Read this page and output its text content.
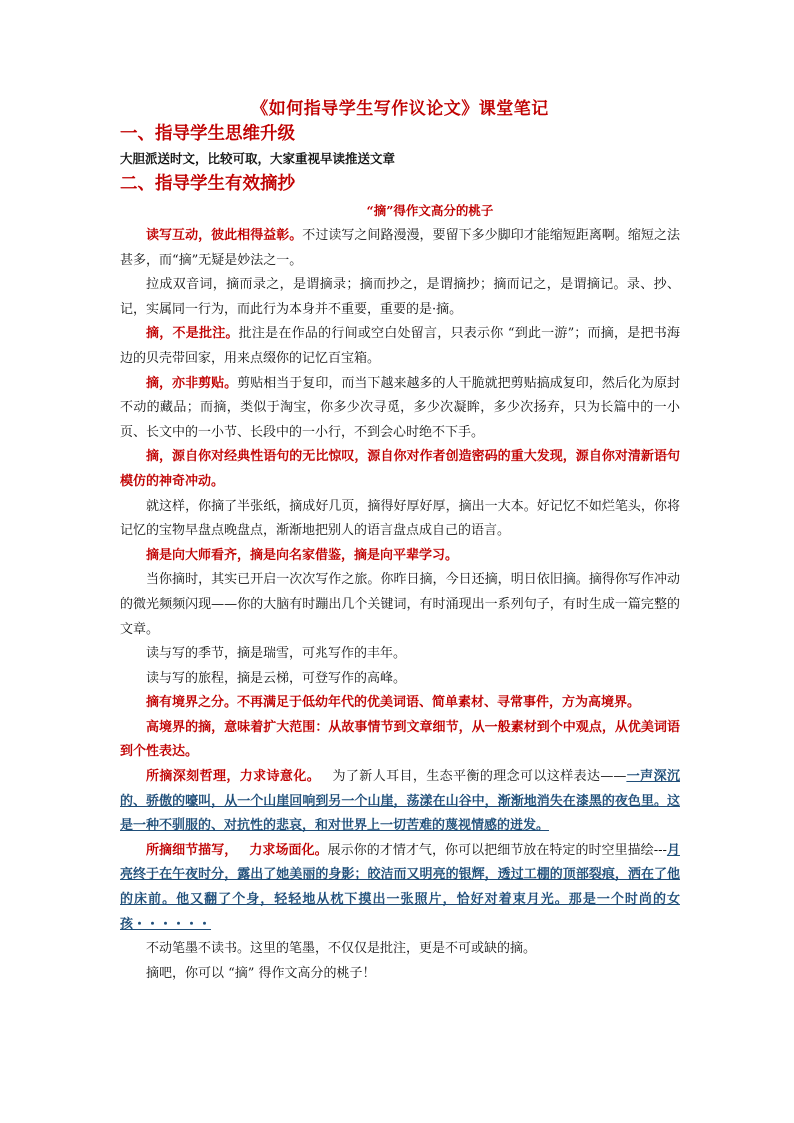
《如何指导学生写作议论文》课堂笔记
一、指导学生思维升级
大胆派送时文，比较可取，大家重视早读推送文章
二、指导学生有效摘抄
“摘”得作文高分的桃子

读写互动，彼此相得益彰。不过读写之间路漫漫，要留下多少脚印才能缩短距离啊。缩短之法甚多，而“摘”无疑是妙法之一。

拉成双音词，摘而录之，是谓摘录；摘而抄之，是谓摘抄；摘而记之，是谓摘记。录、抄、记，实属同一行为，而此行为本身并不重要，重要的是·摘。

摘，不是批注。批注是在作品的行间或空白处留言，只表示你 “到此一游”；而摘，是把书海边的贝壳带回家，用来点缀你的记忆百宝箱。

摘，亦非剪贴。剪贴相当于复印，而当下越来越多的人干脆就把剪贴搞成复印，然后化为原封不动的藏品；而摘，类似于淘宝，你多少次寻觅，多少次凝眸，多少次扬弃，只为长篇中的一小页、长文中的一小节、长段中的一小行，不到会心时绝不下手。

摘，源自你对经典性语句的无比惊叹，源自你对作者创造密码的重大发现，源自你对清新语句模仿的神奇冲动。

就这样，你摘了半张纸，摘成好几页，摘得好厚好厚，摘出一大本。好记忆不如烂笔头，你将记忆的宝物早盘点晚盘点，渐渐地把别人的语言盘点成自己的语言。

摘是向大师看齐，摘是向名家借鉴，摘是向平辈学习。

当你摘时，其实已开启一次次写作之旅。你昨日摘，今日还摘，明日依旧摘。摘得你写作冲动的微光频频闪现——你的大脑有时蹦出几个关键词，有时涌现出一系列句子，有时生成一篇完整的文章。

读与写的季节，摘是瑞雪，可兆写作的丰年。

读与写的旅程，摘是云梯，可登写作的高峰。

摘有境界之分。不再满足于低幼年代的优美词语、简单素材、寻常事件，方为高境界。

高境界的摘，意味着扩大范围：从故事情节到文章细节，从一般素材到个中观点，从优美词语到个性表达。

所摘深刻哲理，力求诗意化。 为了新人耳目，生态平衡的理念可以这样表达——一声深沉的、骄傲的嚎叫，从一个山崖回响到另一个山崖，荡漾在山谷中，渐渐地消失在漆黑的夜色里。这是一种不驯服的、对抗性的悲哀，和对世界上一切苦难的蔑视情感的迸发。

所摘细节描写， 力求场面化。展示你的才情才气，你可以把细节放在特定的时空里描绘---月亮终于在午夜时分，露出了她美丽的身影；皎洁而又明亮的银辉，透过工棚的顶部裂痕，洒在了他的床前。他又翻了个身，轻轻地从枕下摸出一张照片，恰好对着束月光。那是一个时尚的女孩・・・・・・

不动笔墨不读书。这里的笔墨，不仅仅是批注，更是不可或缺的摘。

摘吧，你可以 “摘” 得作文高分的桃子！
